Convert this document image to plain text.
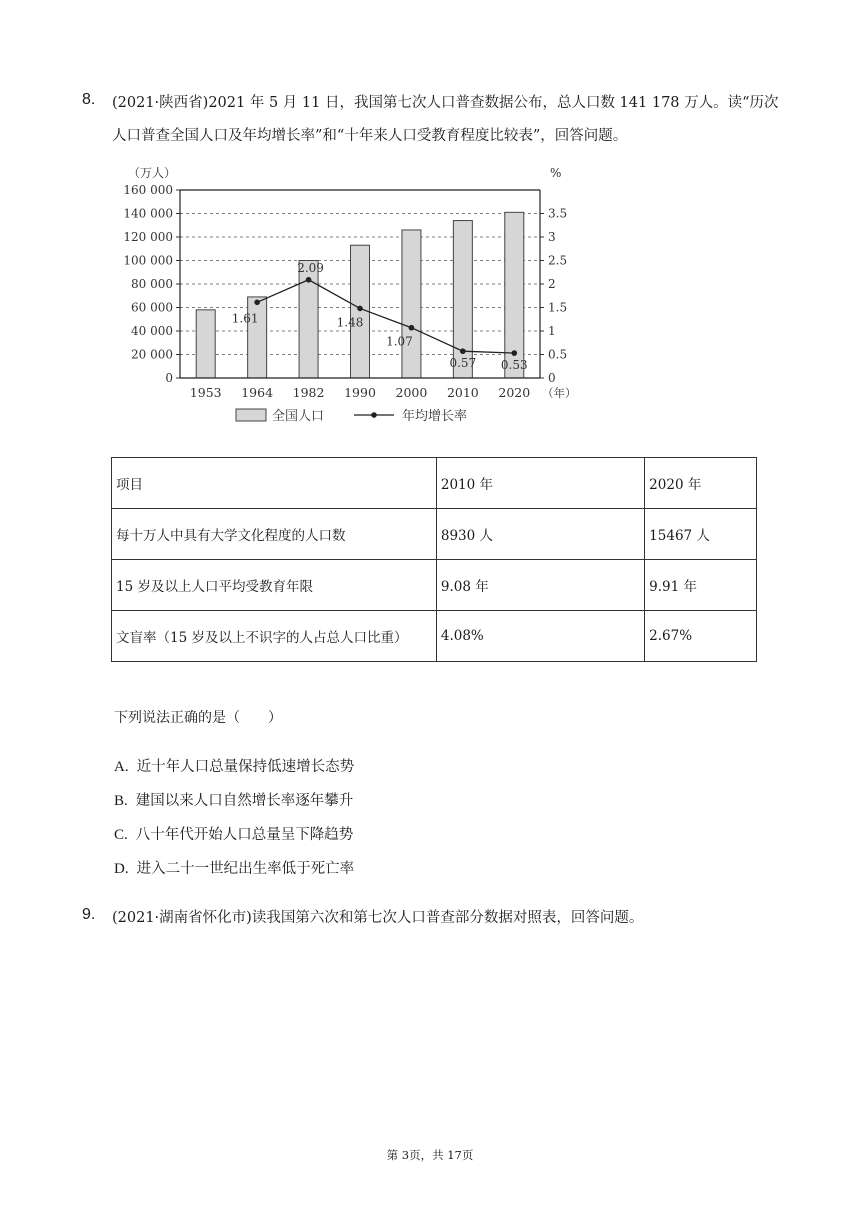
8. (2021·陕西省)2021 年 5 月 11 日，我国第七次人口普查数据公布，总人口数 141 178 万人。读“历次
人口普查全国人口及年均增长率”和“十年来人口受教育程度比较表”，回答问题。
0
20 000
40 000
60 000
80 000
100 000
120 000
140 000
160 000
0
0.5
1
1.5
2
2.5
3
3.5
1953 1964 1982 1990 2000 2010 2020 （年）
（万人）	%
1.61
2.09
1.48
1.07
0.57 0.53
全国人口	年均增长率
项目	2010 年	2020 年
每十万人中具有大学文化程度的人口数	8930 人	15467 人
15 岁及以上人口平均受教育年限	9.08 年	9.91 年
文盲率（15 岁及以上不识字的人占总人口比重）	4.08%	2.67%
下列说法正确的是（　　）
A. 近十年人口总量保持低速增长态势
B. 建国以来人口自然增长率逐年攀升
C. 八十年代开始人口总量呈下降趋势
D. 进入二十一世纪出生率低于死亡率
9. (2021·湖南省怀化市)读我国第六次和第七次人口普查部分数据对照表，回答问题。
第 3页，共 17页
